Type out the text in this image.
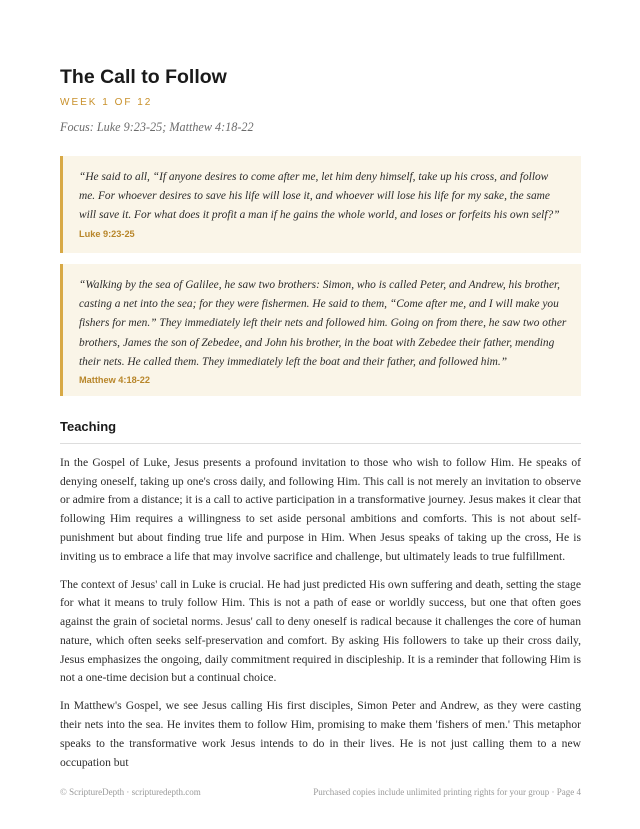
The Call to Follow
WEEK 1 OF 12
Focus: Luke 9:23-25; Matthew 4:18-22

“He said to all, “If anyone desires to come after me, let him deny himself, take up his cross, and follow me. For whoever desires to save his life will lose it, and whoever will lose his life for my sake, the same will save it. For what does it profit a man if he gains the whole world, and loses or forfeits his own self?”

Luke 9:23-25

“Walking by the sea of Galilee, he saw two brothers: Simon, who is called Peter, and Andrew, his brother, casting a net into the sea; for they were fishermen. He said to them, “Come after me, and I will make you fishers for men.” They immediately left their nets and followed him. Going on from there, he saw two other brothers, James the son of Zebedee, and John his brother, in the boat with Zebedee their father, mending their nets. He called them. They immediately left the boat and their father, and followed him.”

Matthew 4:18-22
Teaching

In the Gospel of Luke, Jesus presents a profound invitation to those who wish to follow Him. He speaks of denying oneself, taking up one's cross daily, and following Him. This call is not merely an invitation to observe or admire from a distance; it is a call to active participation in a transformative journey. Jesus makes it clear that following Him requires a willingness to set aside personal ambitions and comforts. This is not about self-punishment but about finding true life and purpose in Him. When Jesus speaks of taking up the cross, He is inviting us to embrace a life that may involve sacrifice and challenge, but ultimately leads to true fulfillment.

The context of Jesus' call in Luke is crucial. He had just predicted His own suffering and death, setting the stage for what it means to truly follow Him. This is not a path of ease or worldly success, but one that often goes against the grain of societal norms. Jesus' call to deny oneself is radical because it challenges the core of human nature, which often seeks self-preservation and comfort. By asking His followers to take up their cross daily, Jesus emphasizes the ongoing, daily commitment required in discipleship. It is a reminder that following Him is not a one-time decision but a continual choice.

In Matthew's Gospel, we see Jesus calling His first disciples, Simon Peter and Andrew, as they were casting their nets into the sea. He invites them to follow Him, promising to make them 'fishers of men.' This metaphor speaks to the transformative work Jesus intends to do in their lives. He is not just calling them to a new occupation but

© ScriptureDepth · scripturedepth.com	Purchased copies include unlimited printing rights for your group · Page 4
